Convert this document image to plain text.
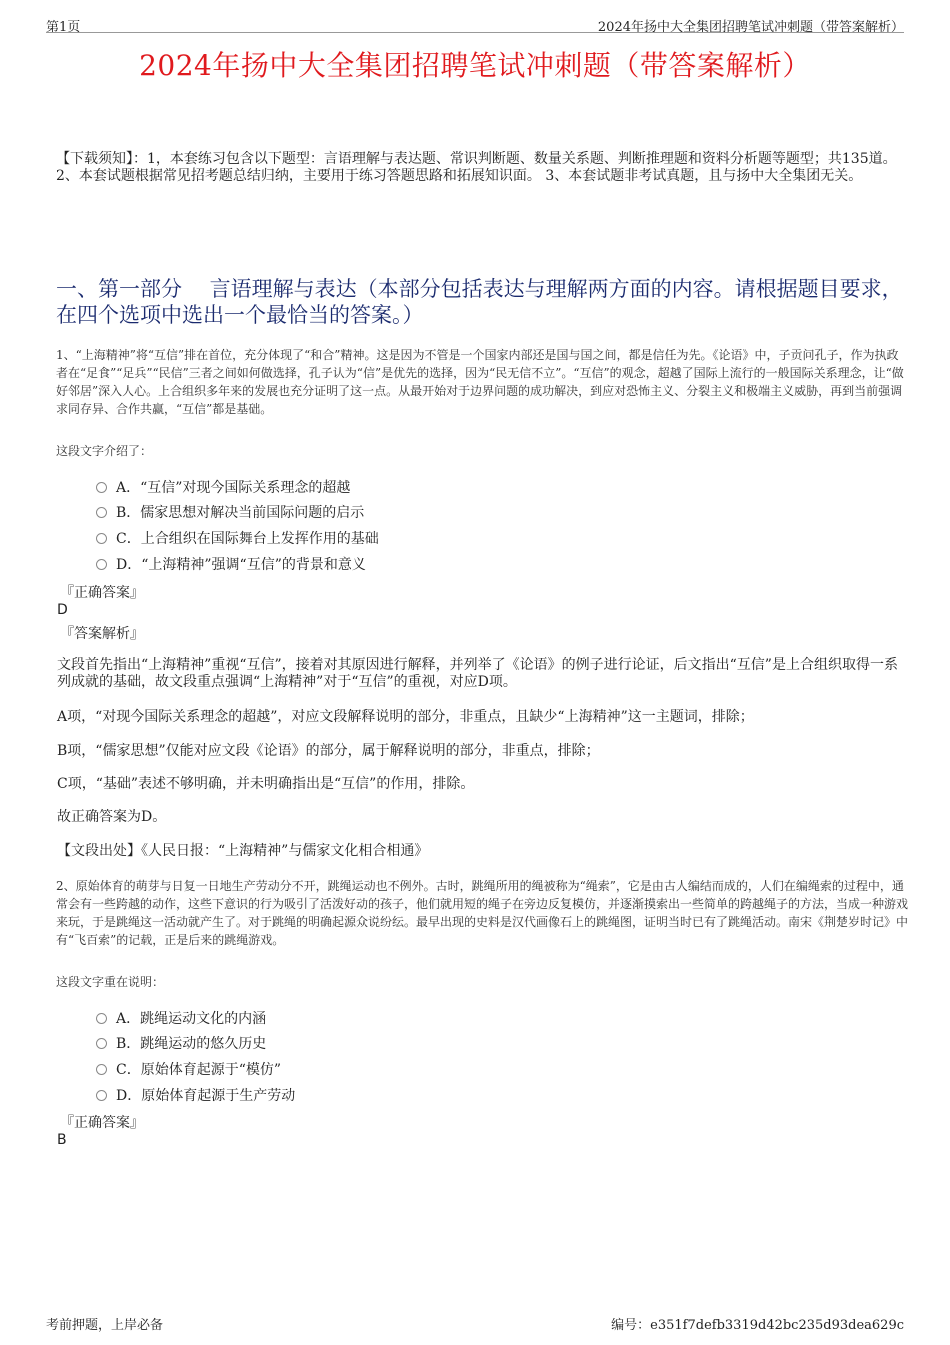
第1页	2024年扬中大全集团招聘笔试冲刺题（带答案解析）
2024年扬中大全集团招聘笔试冲刺题（带答案解析）
【下载须知】：1，本套练习包含以下题型：言语理解与表达题、常识判断题、数量关系题、判断推理题和资料分析题等题型；共135道。 2、本套试题根据常见招考题总结归纳，主要用于练习答题思路和拓展知识面。 3、本套试题非考试真题，且与扬中大全集团无关。
一、第一部分　 言语理解与表达（本部分包括表达与理解两方面的内容。请根据题目要求，在四个选项中选出一个最恰当的答案。）
1、“上海精神”将“互信”排在首位，充分体现了“和合”精神。这是因为不管是一个国家内部还是国与国之间，都是信任为先。《论语》中，子贡问孔子，作为执政者在“足食”“足兵”“民信”三者之间如何做选择，孔子认为“信”是优先的选择，因为“民无信不立”。“互信”的观念，超越了国际上流行的一般国际关系理念，让“做好邻居”深入人心。上合组织多年来的发展也充分证明了这一点。从最开始对于边界问题的成功解决，到应对恐怖主义、分裂主义和极端主义威胁，再到当前强调求同存异、合作共赢，“互信”都是基础。
这段文字介绍了：
A．“互信”对现今国际关系理念的超越
B．儒家思想对解决当前国际问题的启示
C．上合组织在国际舞台上发挥作用的基础
D．“上海精神”强调“互信”的背景和意义
『正确答案』
D
『答案解析』
文段首先指出“上海精神”重视“互信”，接着对其原因进行解释，并列举了《论语》的例子进行论证，后文指出“互信”是上合组织取得一系列成就的基础，故文段重点强调“上海精神”对于“互信”的重视，对应D项。
A项，“对现今国际关系理念的超越”，对应文段解释说明的部分，非重点，且缺少“上海精神”这一主题词，排除；
B项，“儒家思想”仅能对应文段《论语》的部分，属于解释说明的部分，非重点，排除；
C项，“基础”表述不够明确，并未明确指出是“互信”的作用，排除。
故正确答案为D。
【文段出处】《人民日报：“上海精神”与儒家文化相合相通》
2、原始体育的萌芽与日复一日地生产劳动分不开，跳绳运动也不例外。古时，跳绳所用的绳被称为“绳索”，它是由古人编结而成的，人们在编绳索的过程中，通常会有一些跨越的动作，这些下意识的行为吸引了活泼好动的孩子，他们就用短的绳子在旁边反复模仿，并逐渐摸索出一些简单的跨越绳子的方法，当成一种游戏来玩，于是跳绳这一活动就产生了。对于跳绳的明确起源众说纷纭。最早出现的史料是汉代画像石上的跳绳图，证明当时已有了跳绳活动。南宋《荆楚岁时记》中有“飞百索”的记载，正是后来的跳绳游戏。
这段文字重在说明：
A．跳绳运动文化的内涵
B．跳绳运动的悠久历史
C．原始体育起源于“模仿”
D．原始体育起源于生产劳动
『正确答案』
B
考前押题，上岸必备	编号：e351f7defb3319d42bc235d93dea629c
